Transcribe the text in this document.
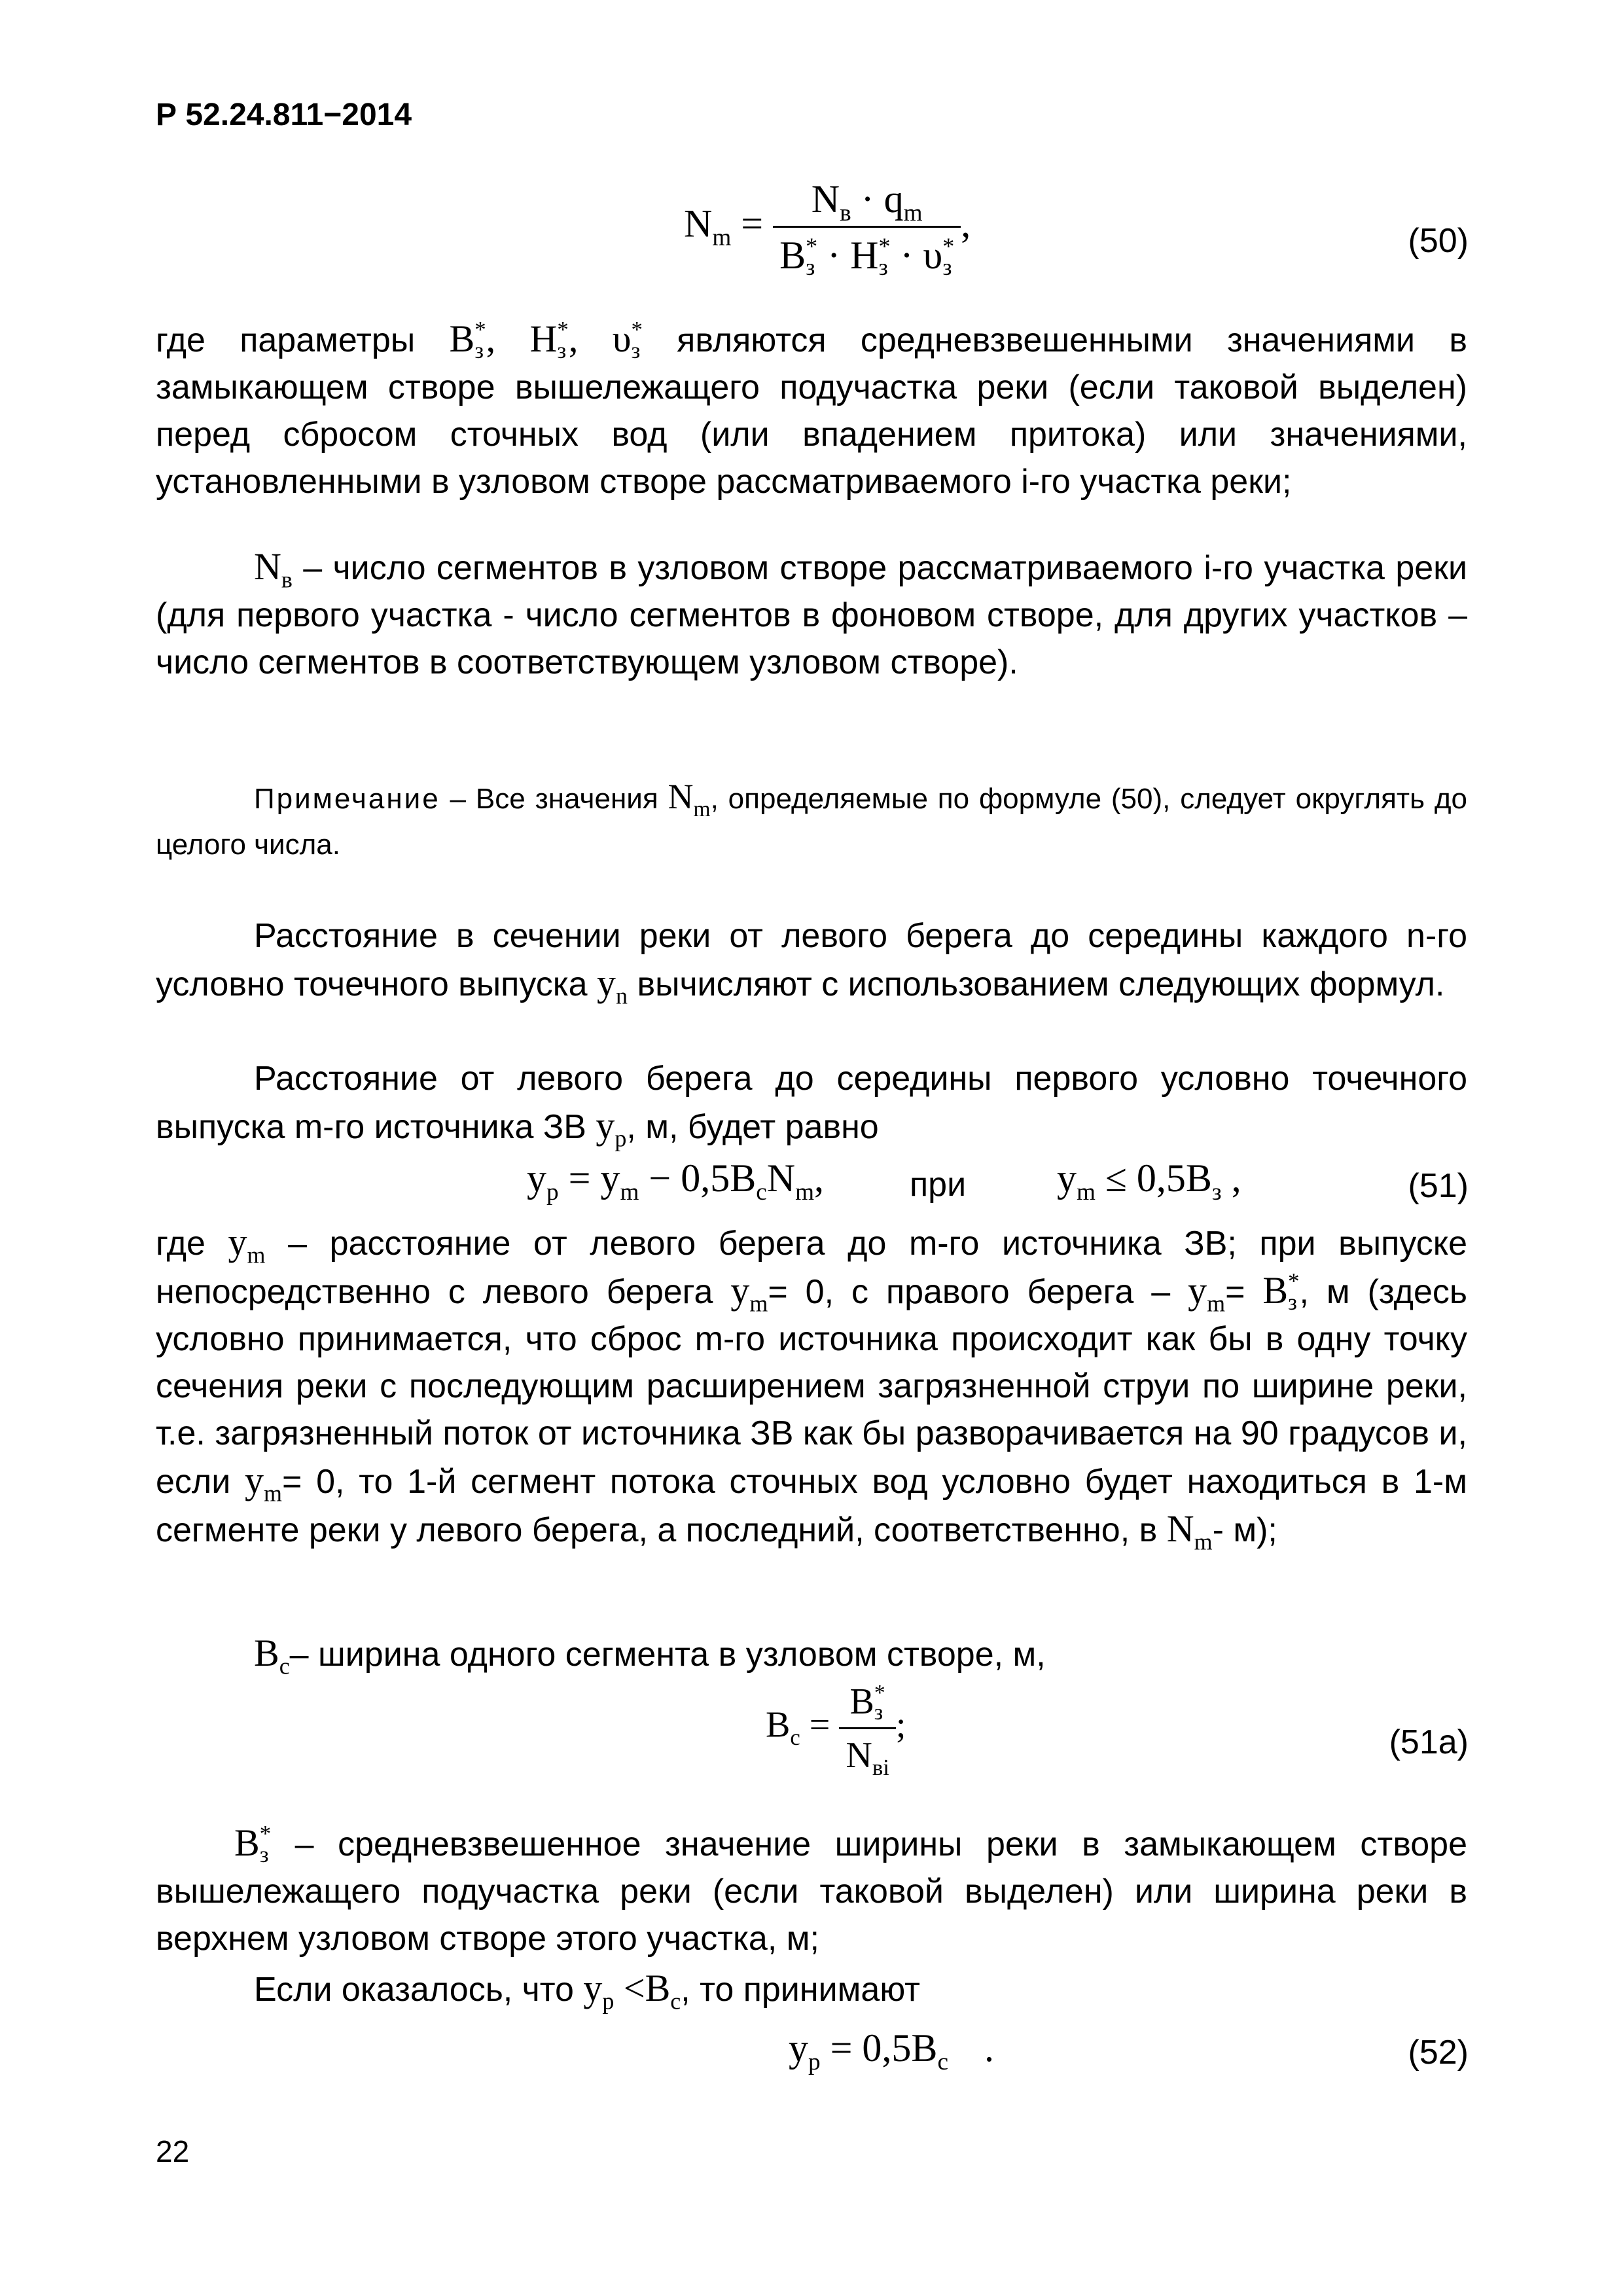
Р 52.24.811−2014
$N_m = N_в \cdot q_m$
B *
з · H *
з · υ *
з ,	(50)
где параметры B *
з , H *
з , υ *
з являются средневзвешенными значениями в замыкающем створе вышележащего подучастка реки (если таковой выделен) перед сбросом сточных вод (или впадением притока) или значениями, установленными в узловом створе рассматриваемого i-го участка реки;
$N_в$ – число сегментов в узловом створе рассматриваемого i-го участка реки (для первого участка - число сегментов в фоновом створе, для других участков – число сегментов в соответствующем узловом створе).
Примечание – Все значения $N_m$, определяемые по формуле (50), следует округлять до целого числа.
Расстояние в сечении реки от левого берега до середины каждого n-го условно точечного выпуска $y_n$ вычисляют с использованием следующих формул.
Расстояние от левого берега до середины первого условно точечного выпуска m-го источника ЗВ $y_p$, м, будет равно
$y_p = y_m - 0,5B_cN_m$,	при $y_m \le 0,5B_з$ ,	(51)
где $y_m$ – расстояние от левого берега до m-го источника ЗВ; при выпуске непосредственно с левого берега $y_m= 0$, с правого берега – $y_m= B$ *
з , м (здесь условно принимается, что сброс m-го источника происходит как бы в одну точку сечения реки с последующим расширением загрязненной струи по ширине реки, т.е. загрязненный поток от источника ЗВ как бы разворачивается на 90 градусов и, если $y_m= 0$, то 1-й сегмент потока сточных вод условно будет находиться в 1-м сегменте реки у левого берега, а последний, соответственно, в $N_m-$ м);
$B_c-$ ширина одного сегмента в узловом створе, м,
$B_c = B$ *
з
$N_{вi}$ ;	(51а)
B *
з – средневзвешенное значение ширины реки в замыкающем створе вышележащего подучастка реки (если таковой выделен) или ширина реки в верхнем узловом створе этого участка, м;
Если оказалось, что $y_p <B_c$, то принимают
$y_p = 0,5B_c$ .	(52)
22
